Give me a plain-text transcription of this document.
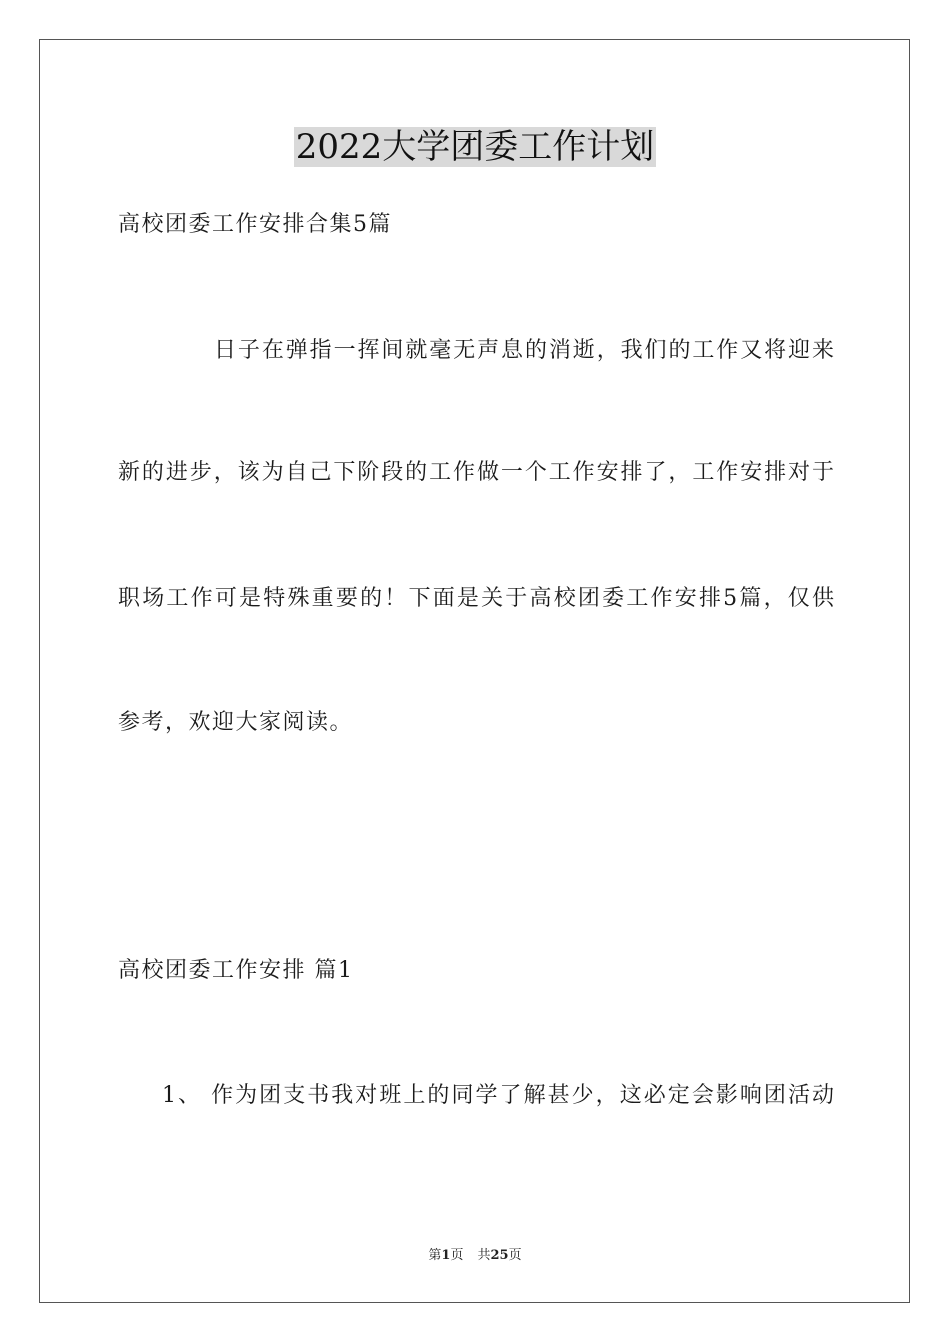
2022大学团委工作计划
高校团委工作安排合集5篇
日子在弹指一挥间就毫无声息的消逝，我们的工作又将迎来
新的进步，该为自己下阶段的工作做一个工作安排了，工作安排对于
职场工作可是特殊重要的！下面是关于高校团委工作安排5篇，仅供
参考，欢迎大家阅读。
高校团委工作安排 篇1
1、 作为团支书我对班上的同学了解甚少，这必定会影响团活动
第1页 共25页
